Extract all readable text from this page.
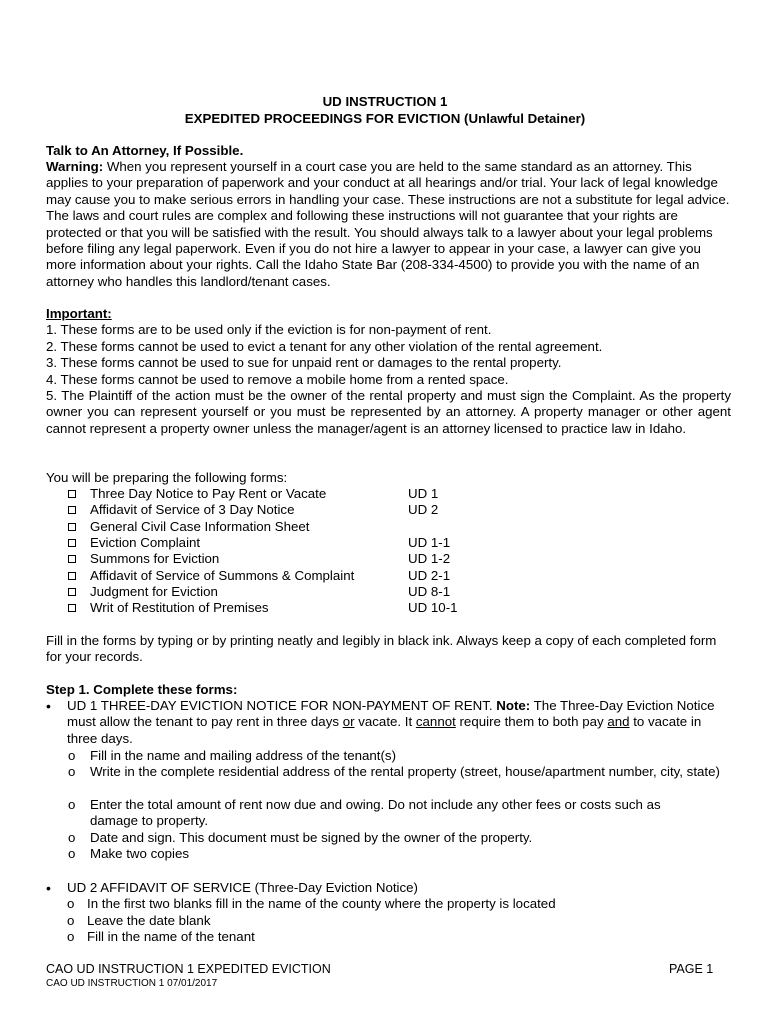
UD INSTRUCTION 1
EXPEDITED PROCEEDINGS FOR EVICTION (Unlawful Detainer)
Talk to An Attorney, If Possible.
Warning: When you represent yourself in a court case you are held to the same standard as an attorney. This applies to your preparation of paperwork and your conduct at all hearings and/or trial. Your lack of legal knowledge may cause you to make serious errors in handling your case. These instructions are not a substitute for legal advice. The laws and court rules are complex and following these instructions will not guarantee that your rights are protected or that you will be satisfied with the result. You should always talk to a lawyer about your legal problems before filing any legal paperwork. Even if you do not hire a lawyer to appear in your case, a lawyer can give you more information about your rights. Call the Idaho State Bar (208-334-4500) to provide you with the name of an attorney who handles this landlord/tenant cases.
Important:
1. These forms are to be used only if the eviction is for non-payment of rent.
2. These forms cannot be used to evict a tenant for any other violation of the rental agreement.
3. These forms cannot be used to sue for unpaid rent or damages to the rental property.
4. These forms cannot be used to remove a mobile home from a rented space.
5. The Plaintiff of the action must be the owner of the rental property and must sign the Complaint. As the property owner you can represent yourself or you must be represented by an attorney. A property manager or other agent cannot represent a property owner unless the manager/agent is an attorney licensed to practice law in Idaho.
You will be preparing the following forms:
Three Day Notice to Pay Rent or Vacate	UD 1
Affidavit of Service of 3 Day Notice	UD 2
General Civil Case Information Sheet
Eviction Complaint	UD 1-1
Summons for Eviction	UD 1-2
Affidavit of Service of Summons & Complaint	UD 2-1
Judgment for Eviction	UD 8-1
Writ of Restitution of Premises	UD 10-1
Fill in the forms by typing or by printing neatly and legibly in black ink. Always keep a copy of each completed form for your records.
Step 1. Complete these forms:
• UD 1 THREE-DAY EVICTION NOTICE FOR NON-PAYMENT OF RENT. Note: The Three-Day Eviction Notice must allow the tenant to pay rent in three days or vacate. It cannot require them to both pay and to vacate in three days.
o Fill in the name and mailing address of the tenant(s)
o Write in the complete residential address of the rental property (street, house/apartment number, city, state)
o Enter the total amount of rent now due and owing. Do not include any other fees or costs such as damage to property.
o Date and sign. This document must be signed by the owner of the property.
o Make two copies
• UD 2 AFFIDAVIT OF SERVICE (Three-Day Eviction Notice)
o In the first two blanks fill in the name of the county where the property is located
o Leave the date blank
o Fill in the name of the tenant
CAO UD INSTRUCTION 1 EXPEDITED EVICTION	PAGE 1
CAO UD INSTRUCTION 1 07/01/2017
